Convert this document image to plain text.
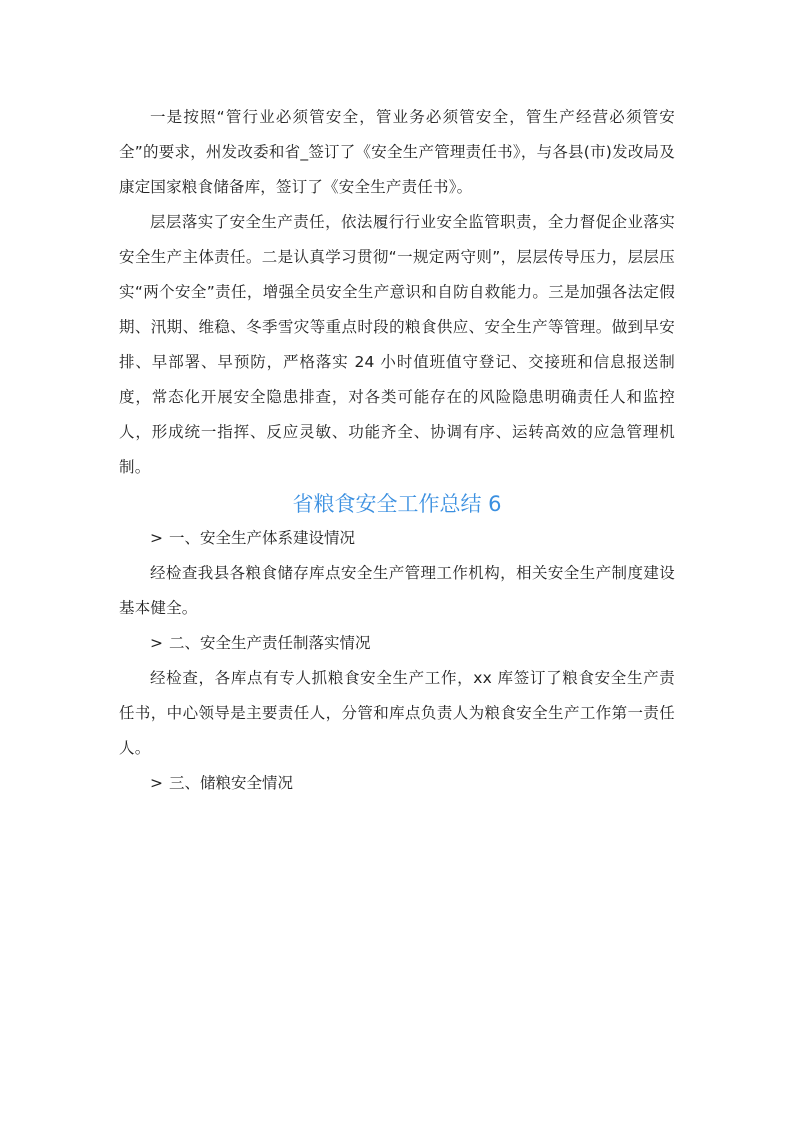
一是按照“管行业必须管安全，管业务必须管安全，管生产经营必须管安全”的要求，州发改委和省_签订了《安全生产管理责任书》，与各县(市)发改局及康定国家粮食储备库，签订了《安全生产责任书》。

层层落实了安全生产责任，依法履行行业安全监管职责，全力督促企业落实安全生产主体责任。二是认真学习贯彻“一规定两守则”，层层传导压力，层层压实“两个安全”责任，增强全员安全生产意识和自防自救能力。三是加强各法定假期、汛期、维稳、冬季雪灾等重点时段的粮食供应、安全生产等管理。做到早安排、早部署、早预防，严格落实 24 小时值班值守登记、交接班和信息报送制度，常态化开展安全隐患排查，对各类可能存在的风险隐患明确责任人和监控人，形成统一指挥、反应灵敏、功能齐全、协调有序、运转高效的应急管理机制。

省粮食安全工作总结 6

> 一、安全生产体系建设情况

经检查我县各粮食储存库点安全生产管理工作机构，相关安全生产制度建设基本健全。

> 二、安全生产责任制落实情况

经检查，各库点有专人抓粮食安全生产工作，xx 库签订了粮食安全生产责任书，中心领导是主要责任人，分管和库点负责人为粮食安全生产工作第一责任人。

> 三、储粮安全情况
